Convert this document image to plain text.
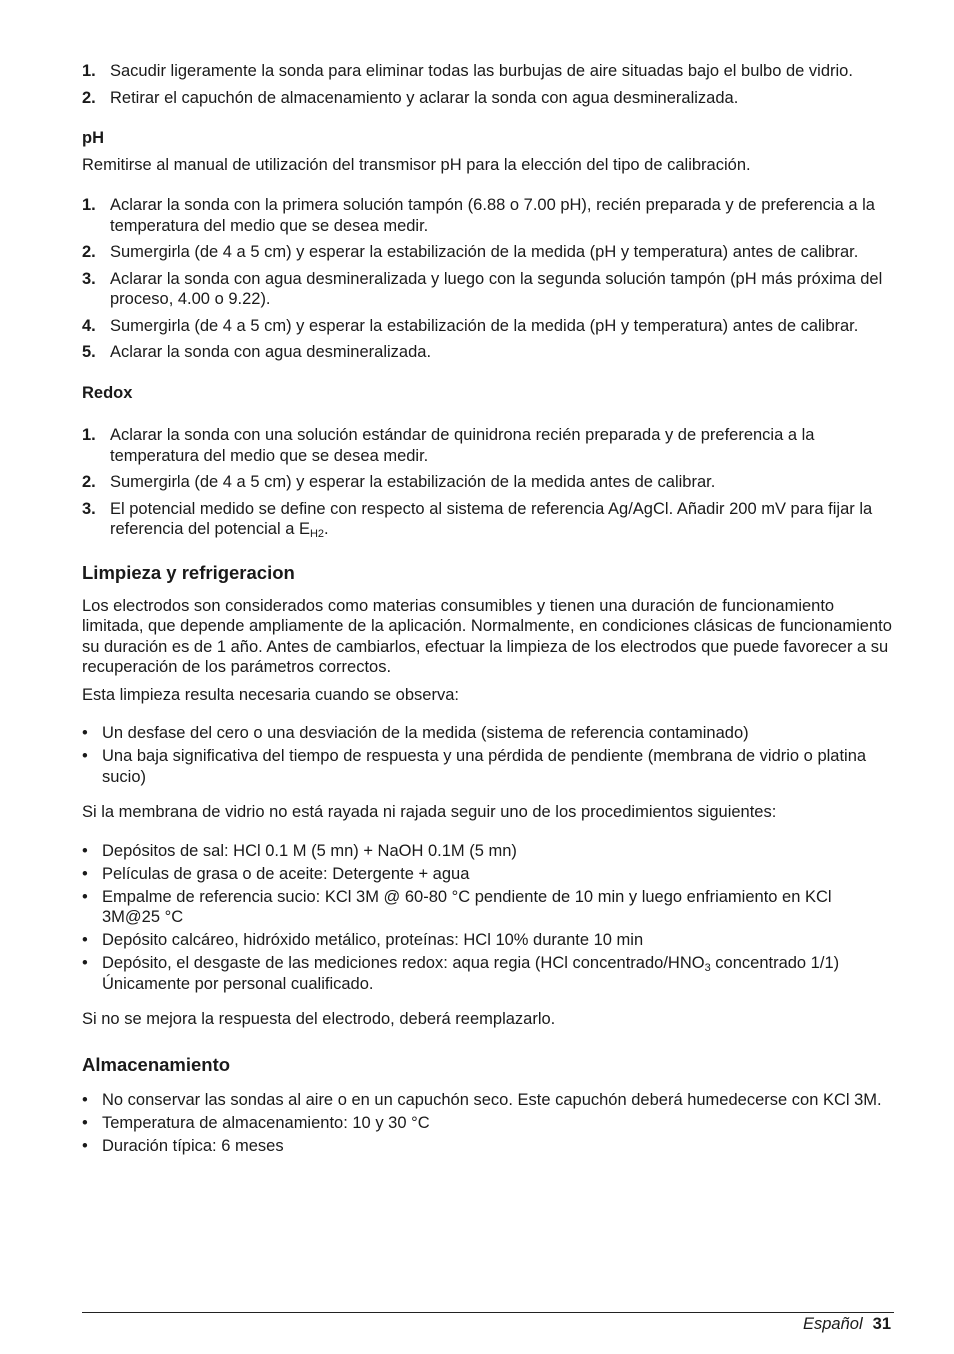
1. Sacudir ligeramente la sonda para eliminar todas las burbujas de aire situadas bajo el bulbo de vidrio.
2. Retirar el capuchón de almacenamiento y aclarar la sonda con agua desmineralizada.

pH

Remitirse al manual de utilización del transmisor pH para la elección del tipo de calibración.

1. Aclarar la sonda con la primera solución tampón (6.88 o 7.00 pH), recién preparada y de preferencia a la temperatura del medio que se desea medir.
2. Sumergirla (de 4 a 5 cm) y esperar la estabilización de la medida (pH y temperatura) antes de calibrar.
3. Aclarar la sonda con agua desmineralizada y luego con la segunda solución tampón (pH más próxima del proceso, 4.00 o 9.22).
4. Sumergirla (de 4 a 5 cm) y esperar la estabilización de la medida (pH y temperatura) antes de calibrar.
5. Aclarar la sonda con agua desmineralizada.

Redox

1. Aclarar la sonda con una solución estándar de quinidrona recién preparada y de preferencia a la temperatura del medio que se desea medir.
2. Sumergirla (de 4 a 5 cm) y esperar la estabilización de la medida antes de calibrar.
3. El potencial medido se define con respecto al sistema de referencia Ag/AgCl. Añadir 200 mV para fijar la referencia del potencial a $E_{H2}$.
Limpieza y refrigeracion

Los electrodos son considerados como materias consumibles y tienen una duración de funcionamiento limitada, que depende ampliamente de la aplicación. Normalmente, en condiciones clásicas de funcionamiento su duración es de 1 año. Antes de cambiarlos, efectuar la limpieza de los electrodos que puede favorecer a su recuperación de los parámetros correctos.

Esta limpieza resulta necesaria cuando se observa:

• Un desfase del cero o una desviación de la medida (sistema de referencia contaminado)
• Una baja significativa del tiempo de respuesta y una pérdida de pendiente (membrana de vidrio o platina sucio)

Si la membrana de vidrio no está rayada ni rajada seguir uno de los procedimientos siguientes:

• Depósitos de sal: HCl 0.1 M (5 mn) + NaOH 0.1M (5 mn)
• Películas de grasa o de aceite: Detergente + agua
• Empalme de referencia sucio: KCl 3M @ 60-80 °C pendiente de 10 min y luego enfriamiento en KCl 3M@25 °C
• Depósito calcáreo, hidróxido metálico, proteínas: HCl 10% durante 10 min
• Depósito, el desgaste de las mediciones redox: aqua regia (HCl concentrado/$HNO_3$ concentrado 1/1) Únicamente por personal cualificado.

Si no se mejora la respuesta del electrodo, deberá reemplazarlo.

Almacenamiento
• No conservar las sondas al aire o en un capuchón seco. Este capuchón deberá humedecerse con KCl 3M.
• Temperatura de almacenamiento: 10 y 30 °C
• Duración típica: 6 meses
Español 31
